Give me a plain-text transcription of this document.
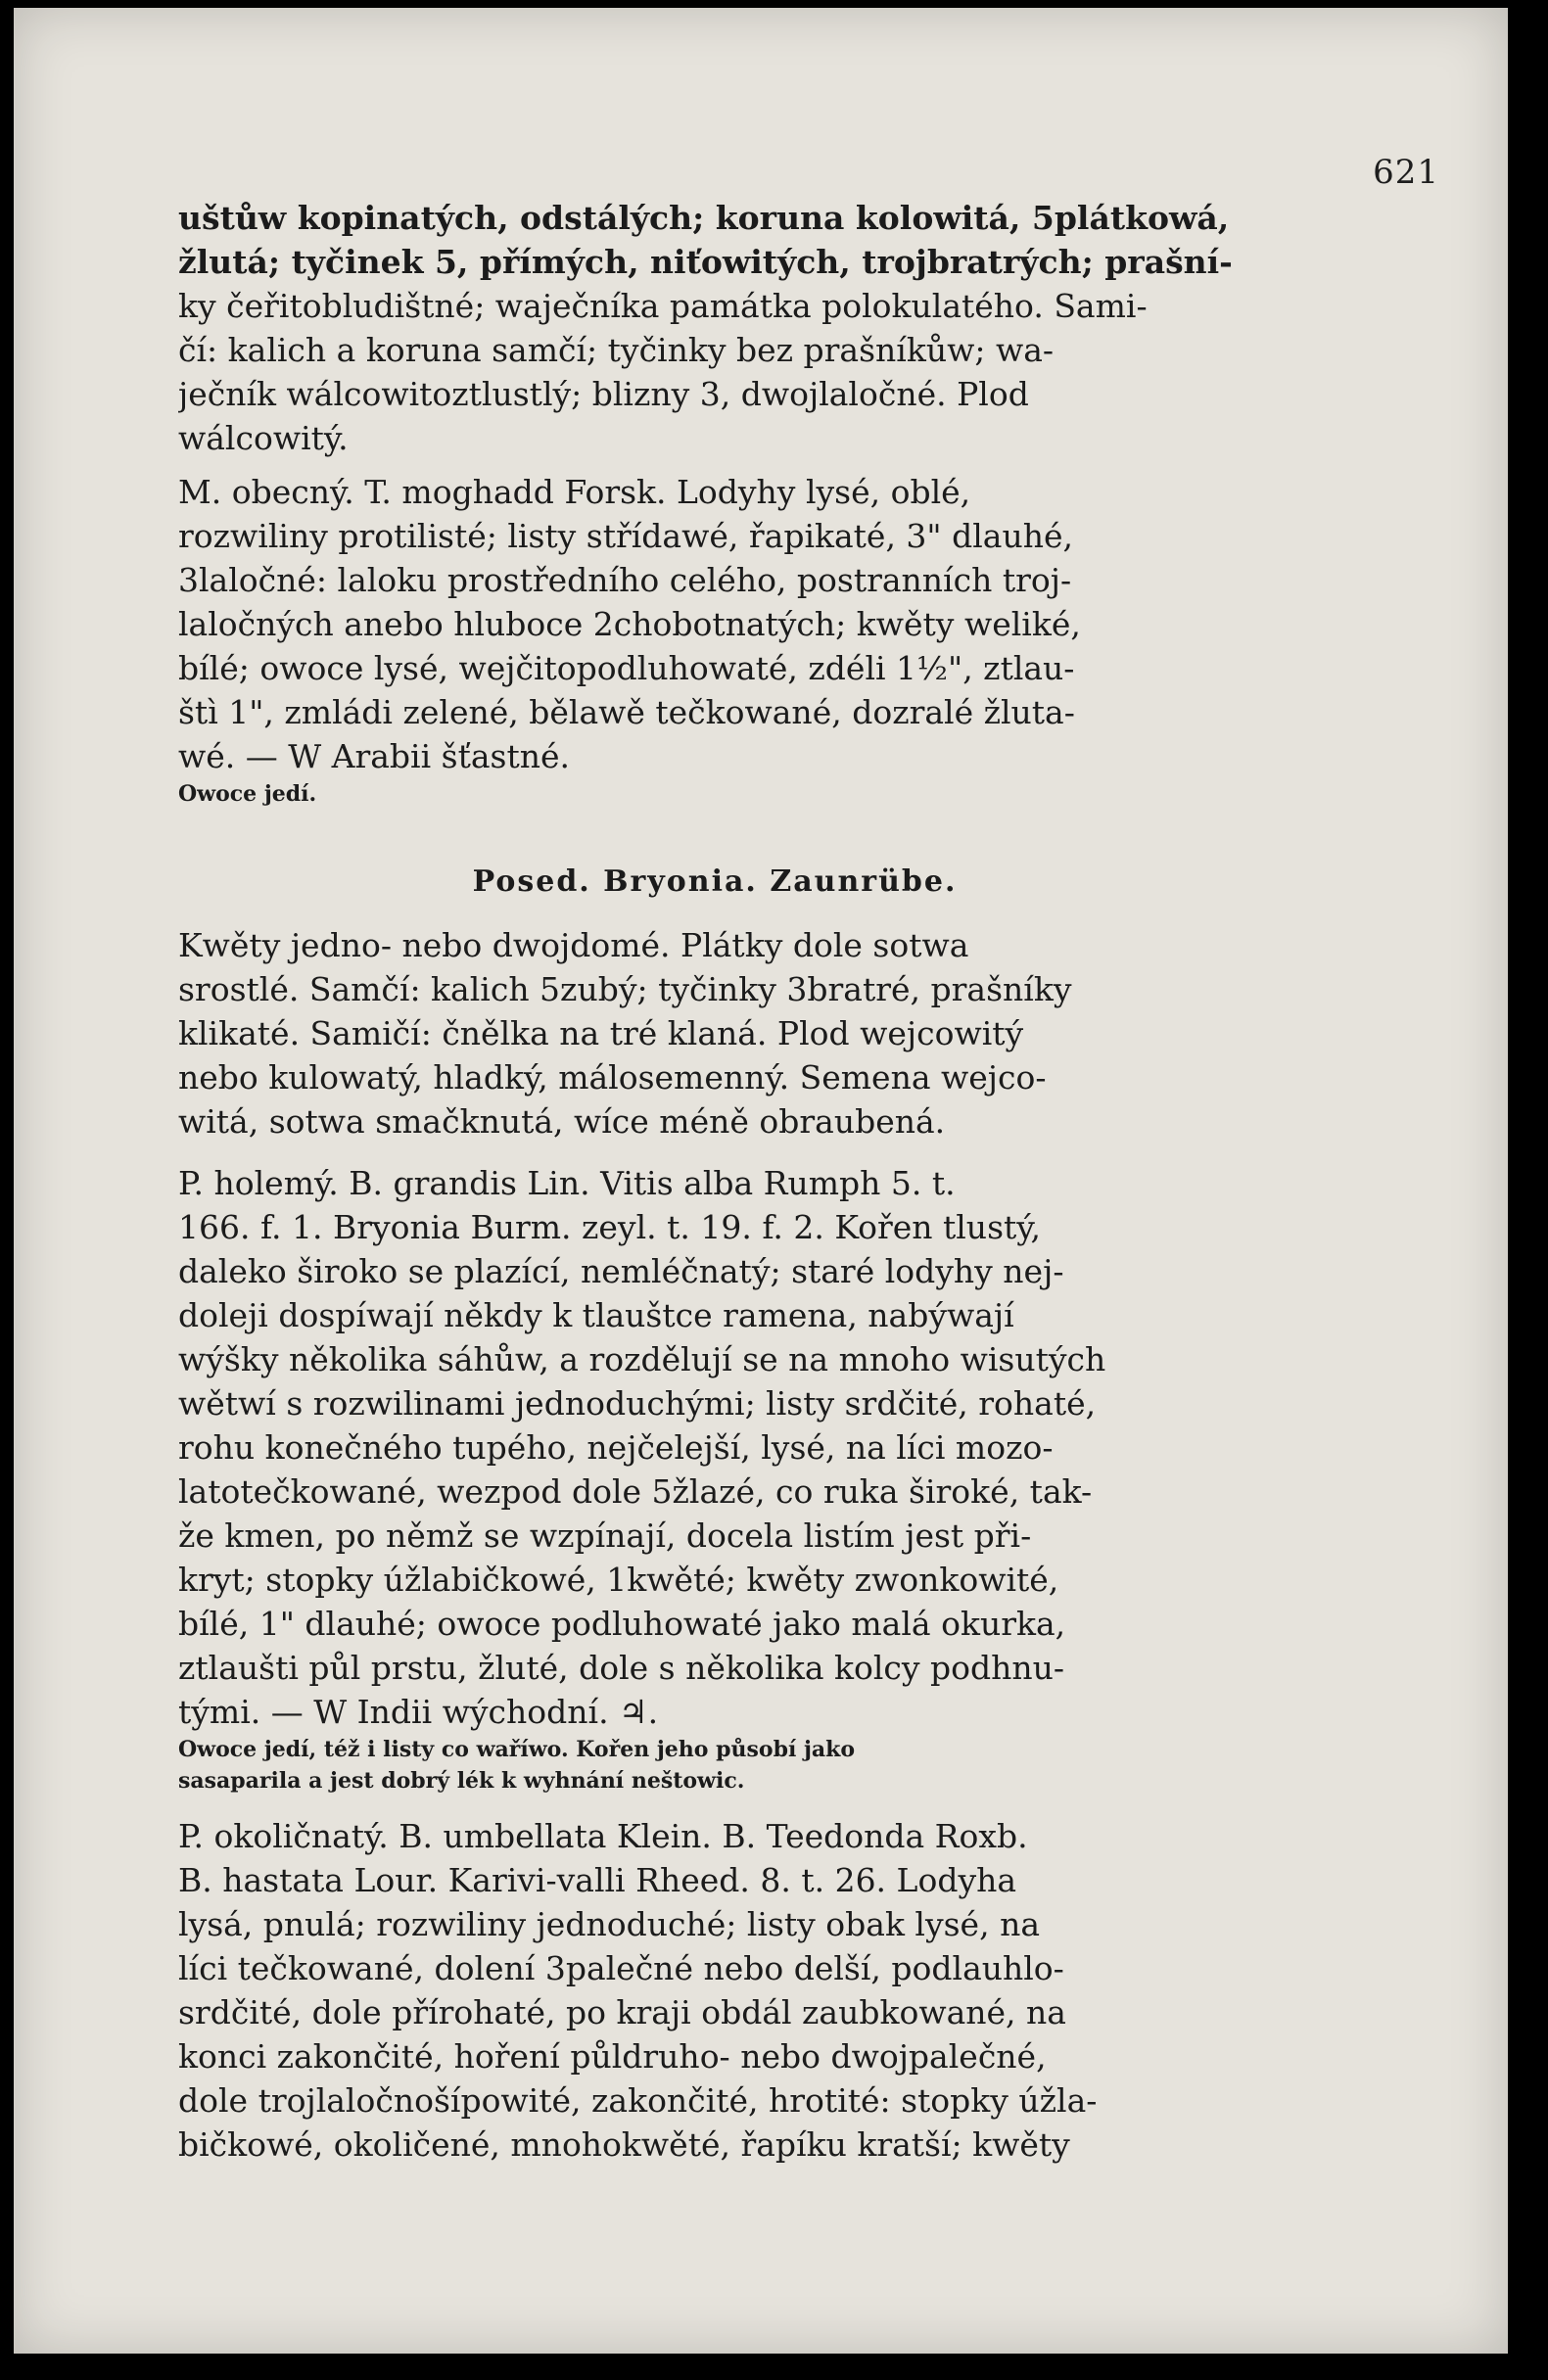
621
uštůw kopinatých, odstálých; koruna kolowitá, 5plátkowá,
žlutá; tyčinek 5, přímých, niťowitých, trojbratrých; prašní-
ky čeřitobludištné; waječníka památka polokulatého. Sami-
čí: kalich a koruna samčí; tyčinky bez prašníkůw; wa-
ječník wálcowitoztlustlý; blizny 3, dwojlaločné. Plod
wálcowitý.
M. obecný. T. moghadd Forsk. Lodyhy lysé, oblé,
rozwiliny protilisté; listy střídawé, řapikaté, 3" dlauhé,
3laločné: laloku prostředního celého, postranních troj-
laločných anebo hluboce 2chobotnatých; kwěty weliké,
bílé; owoce lysé, wejčitopodluhowaté, zdéli 1½", ztlau-
štì 1", zmládi zelené, bělawě tečkowané, dozralé žluta-
wé. — W Arabii šťastné.
Owoce jedí.
Posed. Bryonia. Zaunrübe.
Kwěty jedno- nebo dwojdomé. Plátky dole sotwa
srostlé. Samčí: kalich 5zubý; tyčinky 3bratré, prašníky
klikaté. Samičí: čnělka na tré klaná. Plod wejcowitý
nebo kulowatý, hladký, málosemenný. Semena wejco-
witá, sotwa smačknutá, wíce méně obraubená.
P. holemý. B. grandis Lin. Vitis alba Rumph 5. t.
166. f. 1. Bryonia Burm. zeyl. t. 19. f. 2. Kořen tlustý,
daleko široko se plazící, nemléčnatý; staré lodyhy nej-
doleji dospíwají někdy k tlauštce ramena, nabýwají
wýšky několika sáhůw, a rozdělují se na mnoho wisutých
wětwí s rozwilinami jednoduchými; listy srdčité, rohaté,
rohu konečného tupého, nejčelejší, lysé, na líci mozo-
latotečkowané, wezpod dole 5žlazé, co ruka široké, tak-
že kmen, po němž se wzpínají, docela listím jest při-
kryt; stopky úžlabičkowé, 1kwěté; kwěty zwonkowité,
bílé, 1" dlauhé; owoce podluhowaté jako malá okurka,
ztlaušti půl prstu, žluté, dole s několika kolcy podhnu-
tými. — W Indii wýchodní. ♃.
Owoce jedí, též i listy co waříwo. Kořen jeho působí jako
sasaparila a jest dobrý lék k wyhnání neštowic.
P. okoličnatý. B. umbellata Klein. B. Teedonda Roxb.
B. hastata Lour. Karivi-valli Rheed. 8. t. 26. Lodyha
lysá, pnulá; rozwiliny jednoduché; listy obak lysé, na
líci tečkowané, dolení 3palečné nebo delší, podlauhlo-
srdčité, dole přírohaté, po kraji obdál zaubkowané, na
konci zakončité, hoření půldruho- nebo dwojpalečné,
dole trojlaločnošípowité, zakončité, hrotité: stopky úžla-
bičkowé, okoličené, mnohokwěté, řapíku kratší; kwěty
